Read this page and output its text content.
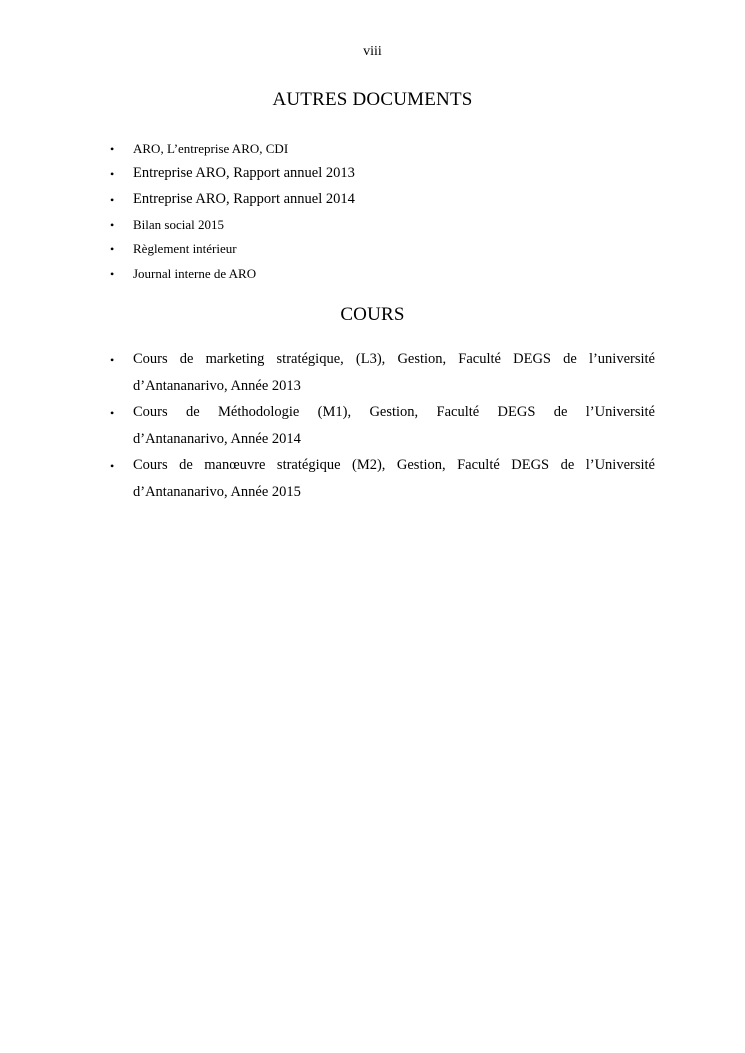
viii
AUTRES DOCUMENTS
• ARO, L’entreprise ARO, CDI
• Entreprise ARO, Rapport annuel 2013
• Entreprise ARO, Rapport annuel 2014
• Bilan social 2015
• Règlement intérieur
• Journal interne de ARO
COURS
• Cours de marketing stratégique, (L3), Gestion, Faculté DEGS de l’université
d’Antananarivo, Année 2013
• Cours de Méthodologie (M1), Gestion, Faculté DEGS de l’Université
d’Antananarivo, Année 2014
• Cours de manœuvre stratégique (M2), Gestion, Faculté DEGS de l’Université
d’Antananarivo, Année 2015
